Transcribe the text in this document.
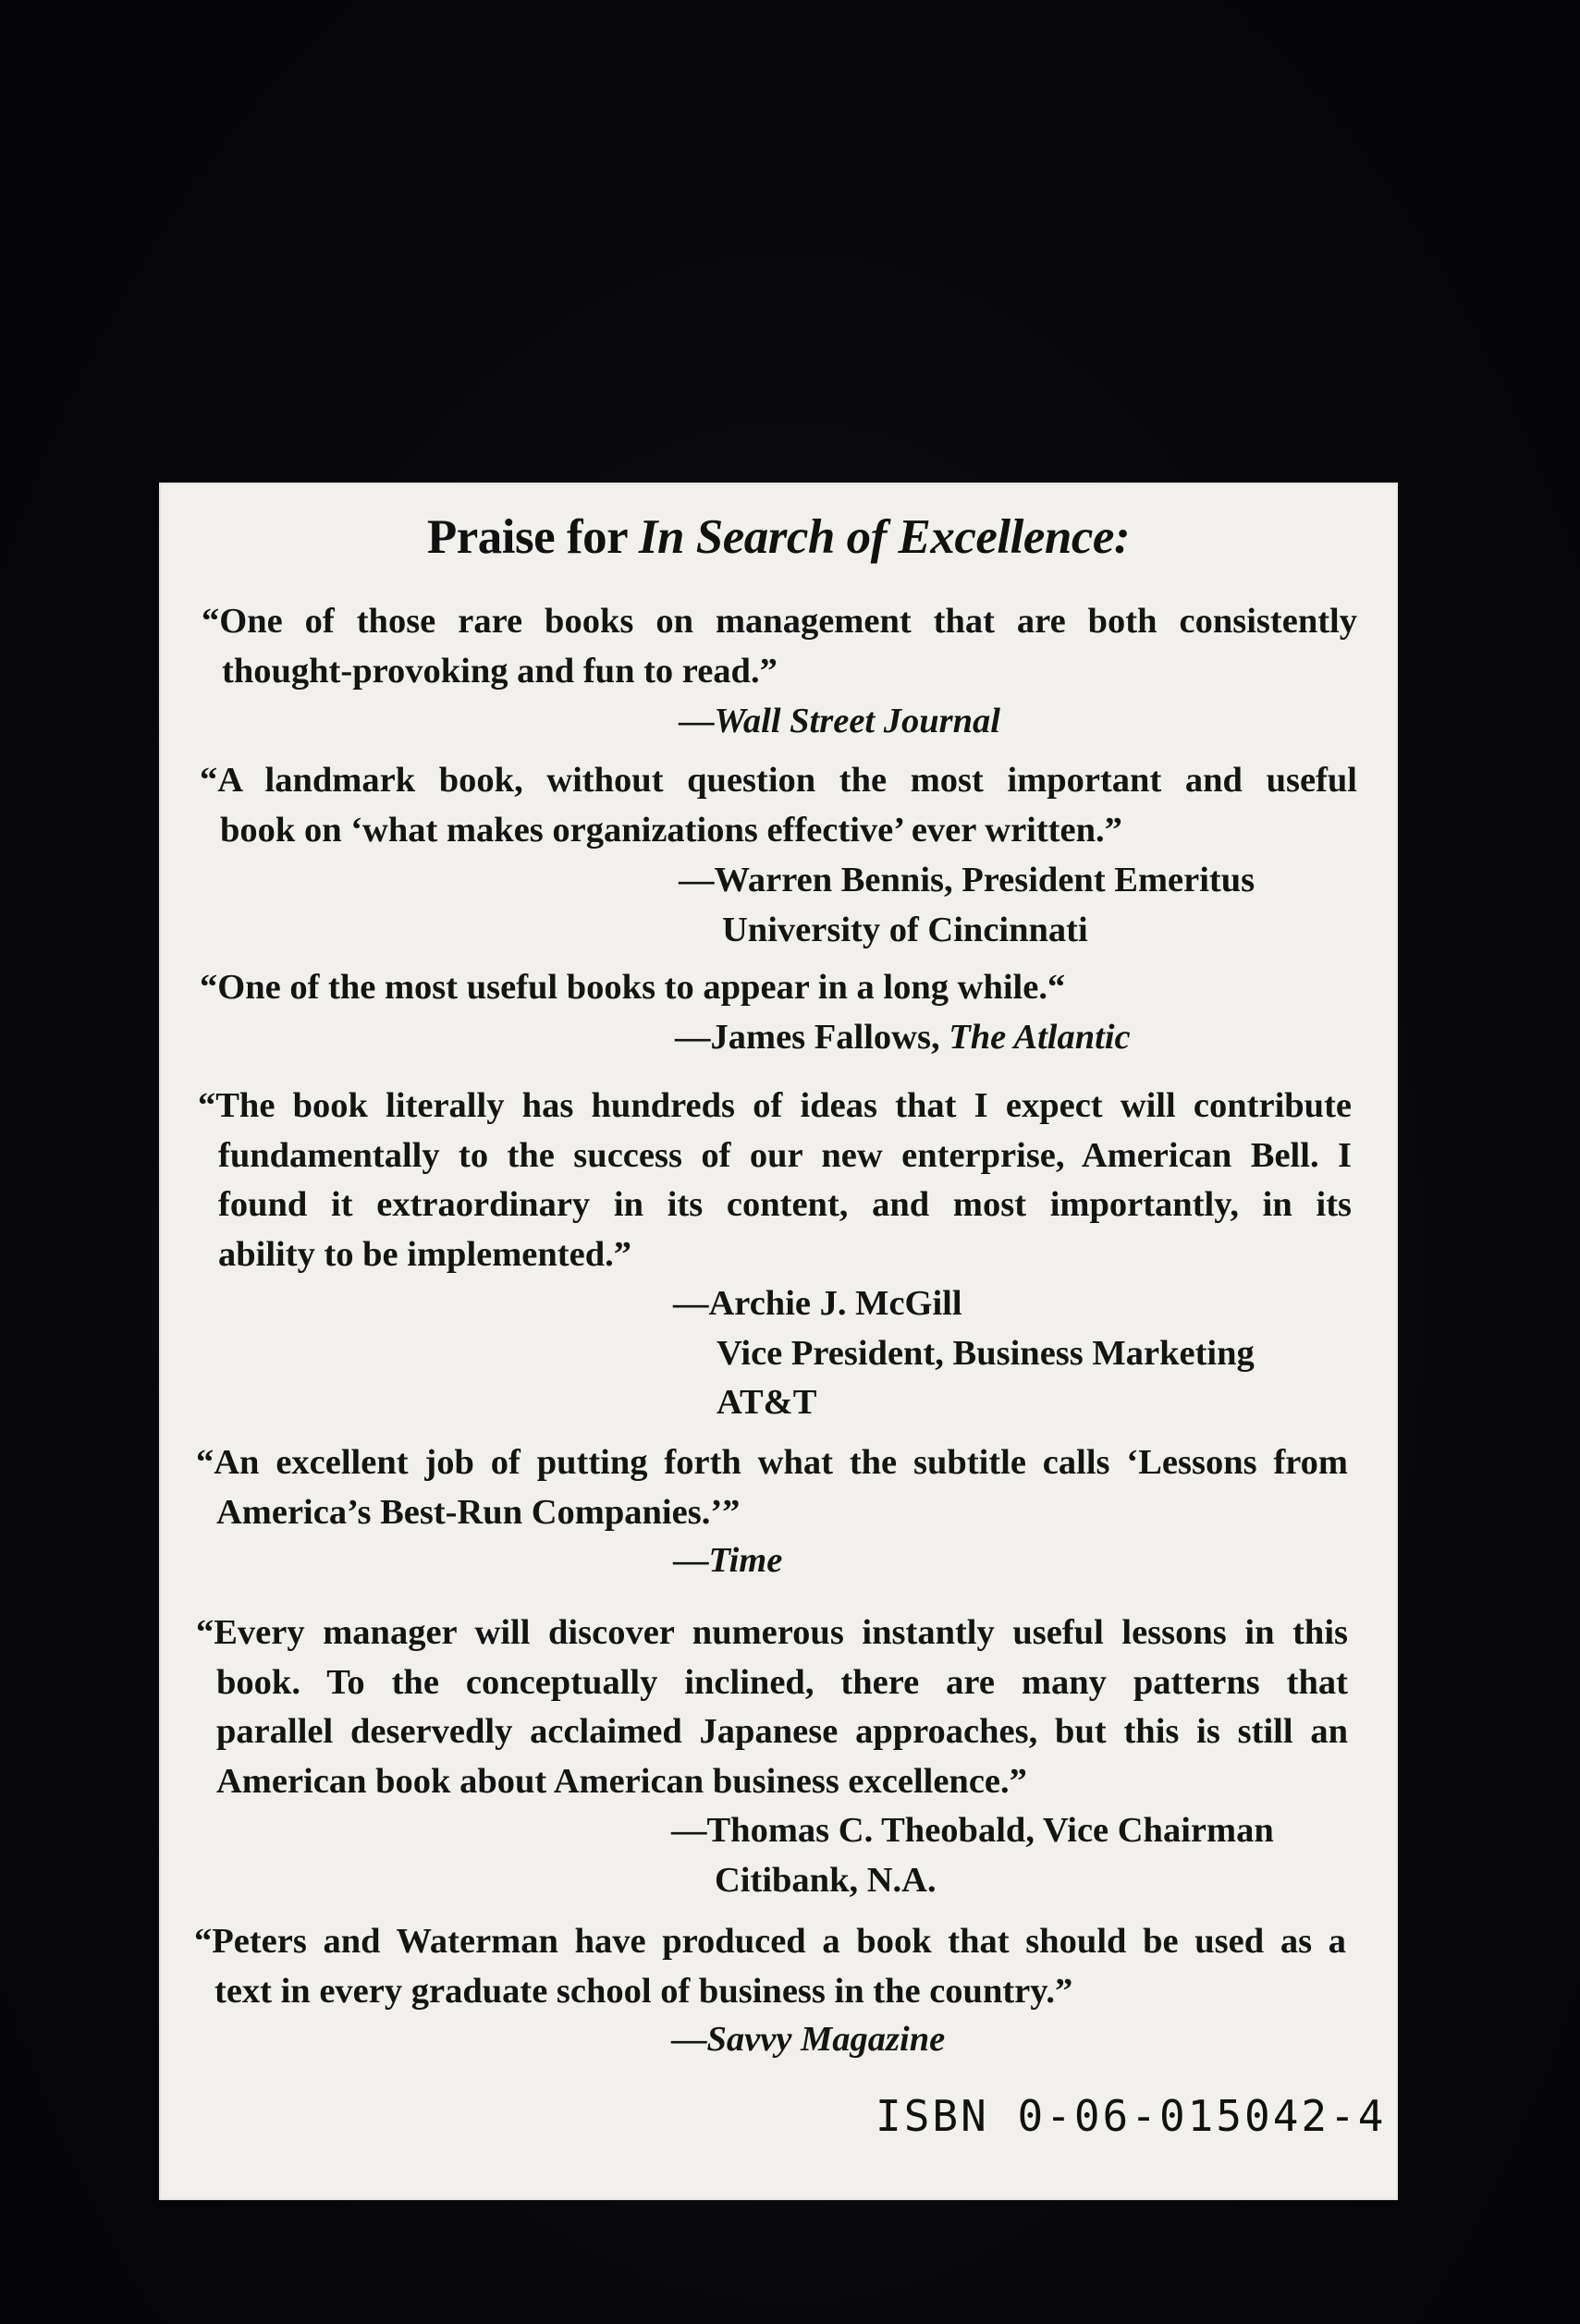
Praise for In Search of Excellence:
“One of those rare books on management that are both consistently
thought-provoking and fun to read.”
—Wall Street Journal
“A landmark book, without question the most important and useful
book on ‘what makes organizations effective’ ever written.”
—Warren Bennis, President Emeritus
University of Cincinnati
“One of the most useful books to appear in a long while.“
—James Fallows, The Atlantic
“The book literally has hundreds of ideas that I expect will contribute
fundamentally to the success of our new enterprise, American Bell. I
found it extraordinary in its content, and most importantly, in its
ability to be implemented.”
—Archie J. McGill
Vice President, Business Marketing
AT&T
“An excellent job of putting forth what the subtitle calls ‘Lessons from
America’s Best-Run Companies.’”
—Time
“Every manager will discover numerous instantly useful lessons in this
book. To the conceptually inclined, there are many patterns that
parallel deservedly acclaimed Japanese approaches, but this is still an
American book about American business excellence.”
—Thomas C. Theobald, Vice Chairman
Citibank, N.A.
“Peters and Waterman have produced a book that should be used as a
text in every graduate school of business in the country.”
—Savvy Magazine
ISBN 0-06-015042-4
